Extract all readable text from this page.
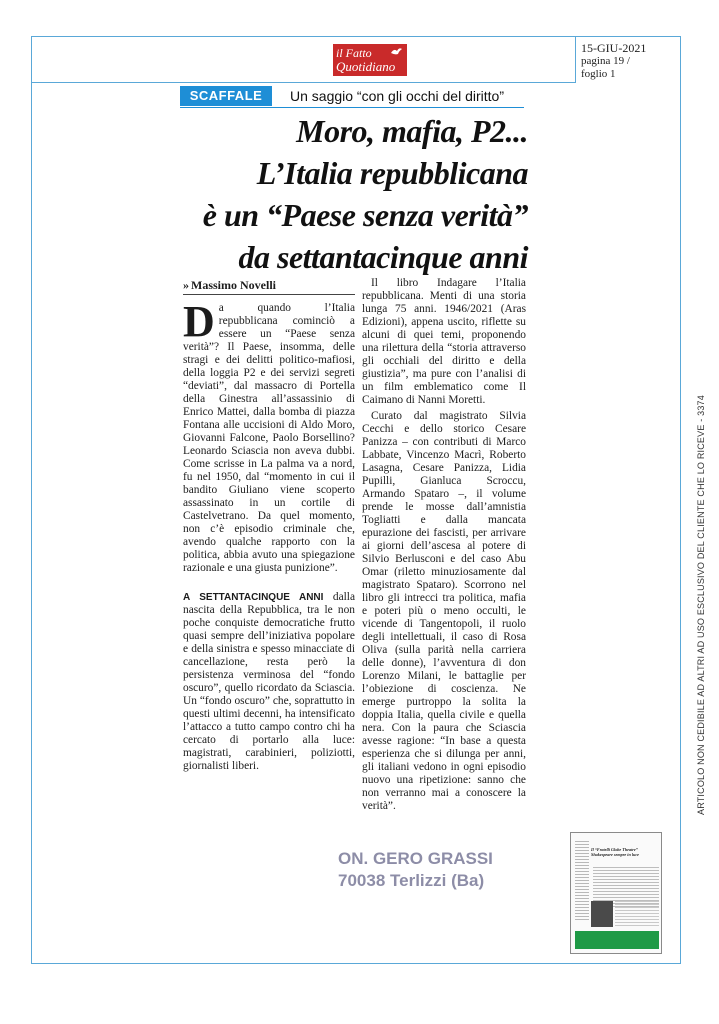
il Fatto
Quotidiano
15-GIU-2021
pagina 19 /
foglio 1
SCAFFALE	Un saggio “con gli occhi del diritto”
Moro, mafia, P2...
L’Italia repubblicana
è un “Paese senza verità”
da settantacinque anni
» Massimo Novelli

Da quando l’Italia repubblicana cominciò a essere un “Paese senza verità”? Il Paese, insomma, delle stragi e dei delitti politico-mafiosi, della loggia P2 e dei servizi segreti “deviati”, dal massacro di Portella della Ginestra all’assassinio di Enrico Mattei, dalla bomba di piazza Fontana alle uccisioni di Aldo Moro, Giovanni Falcone, Paolo Borsellino? Leonardo Sciascia non aveva dubbi. Come scrisse in La palma va a nord, fu nel 1950, dal “momento in cui il bandito Giuliano viene scoperto assassinato in un cortile di Castelvetrano. Da quel momento, non c’è episodio criminale che, avendo qualche rapporto con la politica, abbia avuto una spiegazione razionale e una giusta punizione”.

A SETTANTACINQUE ANNI dalla nascita della Repubblica, tra le non poche conquiste democratiche frutto quasi sempre dell’iniziativa popolare e della sinistra e spesso minacciate di cancellazione, resta però la persistenza verminosa del “fondo oscuro”, quello ricordato da Sciascia. Un “fondo oscuro” che, soprattutto in questi ultimi decenni, ha intensificato l’attacco a tutto campo contro chi ha cercato di portarlo alla luce: magistrati, carabinieri, poliziotti, giornalisti liberi.

Il libro Indagare l’Italia repubblicana. Menti di una storia lunga 75 anni. 1946/2021 (Aras Edizioni), appena uscito, riflette su alcuni di quei temi, proponendo una rilettura della “storia attraverso gli occhiali del diritto e della giustizia”, ma pure con l’analisi di un film emblematico come Il Caimano di Nanni Moretti.

Curato dal magistrato Silvia Cecchi e dello storico Cesare Panizza – con contributi di Marco Labbate, Vincenzo Macrì, Roberto Lasagna, Cesare Panizza, Lidia Pupilli, Gianluca Scroccu, Armando Spataro –, il volume prende le mosse dall’amnistia Togliatti e dalla mancata epurazione dei fascisti, per arrivare ai giorni dell’ascesa al potere di Silvio Berlusconi e del caso Abu Omar (riletto minuziosamente dal magistrato Spataro). Scorrono nel libro gli intrecci tra politica, mafia e poteri più o meno occulti, le vicende di Tangentopoli, il ruolo degli intellettuali, il caso di Rosa Oliva (sulla parità nella carriera delle donne), l’avventura di don Lorenzo Milani, le battaglie per l’obiezione di coscienza. Ne emerge purtroppo la solita la doppia Italia, quella civile e quella nera. Con la paura che Sciascia avesse ragione: “In base a questa esperienza che si dilunga per anni, gli italiani vedono in ogni episodio nuovo una ripetizione: sanno che non verranno mai a conoscere la verità”.

ON. GERO GRASSI
70038 Terlizzi (Ba)
ARTICOLO NON CEDIBILE AD ALTRI AD USO ESCLUSIVO DEL CLIENTE CHE LO RICEVE - 3374
Il “Fratelli Globe Theatre” Shakespeare sempre in luce
